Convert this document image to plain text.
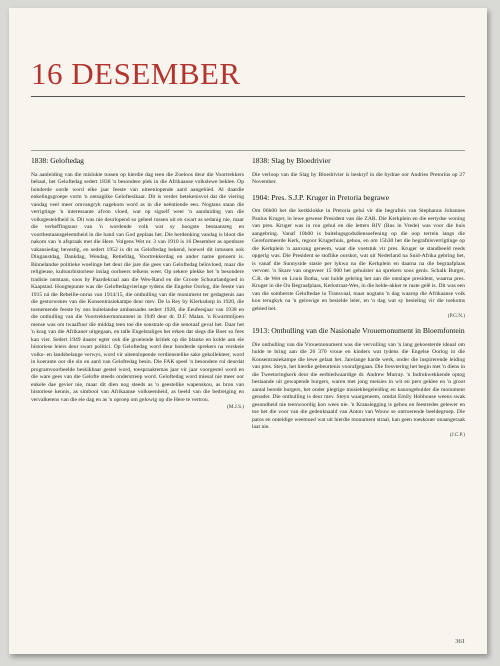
16 DESEMBER
1838: Geloftedag

Na aanleiding van die mislukte tussen op hierdie dag teen die Zoeloos deur die Voortrekkers behaal, het Geloftedag sedert 1838 'n besondere plek in die Afrikaanse volkslewe beklee. Op honderde oorde word elke jaar feeste van uiteenlopende aard aangebied. Al daardie enkelingsgroepe vorm 'n ontsaglike Geloftesikaar. Dit is verder betekenisvol dat die viering vandag veel meer omvangryk nagekom word as in die neëntiende eeu. Nogtans staan die verrigtinge 'n interessante afvon vloed, wat op sigself weer 'n aanduiding van die volksgesteldheid is. Dit was nie deurlopend so geheel tussen uit en swart as sedanig nie, maar die verheffingsuur van 'n wordende volk wat sy hoogste bestaansreg en voortbestaansgeleentheid in die hand van God geplaas het. Die herdenking vandag is bloot die nakom van 'n afspraak met die Here. Volgens Wet nr. 3 van 1910 is 16 Desember as openbare vakansiedag bevestig, en sedert 1952 is dit as Geloftedag bekend, hoewel dit intussen ook Dinganstdag, Dankdag, Wendag, Retiefdag, Voortrekkerdag en ander name genoem is. Binnelandse politieke woelinge het deur die jare die gees van Geloftedag beïnvloed, maar die religieuse, kultuurhistoriese inslag oorheers telkens weer. Op sekere plekke het 'n besondere tradisie ontstaan, soos by Paardekraal aan die Wes-Rand en die Groote Schuurlandgoed in Kaapstad. Hoogtepunte was die Geloftedagvieringe tydens die Engelse Oorlog, die feeste van 1915 ná die Rebellie-onrus van 1914/15, die onthulling van die monument ter gedagtenis aan die gestorwenes van die Konsentrasiekampe deur mev. De la Rey by Klerksdorp in 1920, die toenemende feeste by ons buitelandse ambassades sedert 1928, die Eeufeesjaar van 1938 en die onthulling van die Voortrekkermonument in 1949 deur dr. D.F. Malan. 'n Kwartmiljoen mense was om twaalfuur die middag teen toe die sonstrale op die senotaaf geval het. Daar het 'n krag van die Afrikaner uitgegaan, en talle Engelstaliges het erken dat slegs die Boer so fees kan vier. Sedert 1949 daarer egter ook die groeiende kritiek op die blanke en kulde aan eie historiese leiers deur swart politici. Op Geloftedag word deur honderde sprekers na verskeie volks- en landsbelange verwys, word vir uiteenlopende verdienstelike sake gekollekteer, word in koerante oor die sin en aard van Geloftedag besin. Die FAK speel 'n besondere rol deurdat programvoorbeelde beskikbaar gestel word, toespraaktemas jaar vir jaar voorgestel word en die ware gees van die Gelofte steeds onderstreep word. Geloftedag word miesal nie meer oor enkele dae gevier nie, maar dit dien nog steeds as 'n geestelike wapenskou, as bron van historiese kennis, as simbool van Afrikaanse volkseenheid, as beeld van die bedreiging en vervalketens van die eie dag en as 'n oproep om gelowig op die Here te vertrou.

(M.J.S.)
1838: Slag by Bloedrivier

Die verloop van die Slag by Bloedrivier is beskryf in die bydrae oor Andries Pretorius op 27 November.

1904: Pres. S.J.P. Kruger in Pretoria begrawe

Om 06h00 het die kerkklokke in Pretoria gelui vir die begrafnis van Stephanus Johannes Paulus Kruger, in lewe gewese President van die ZAR. Die Kerkplein en die eertydse woning van pres. Kruger was in rou gehul en die letters RIV (Rus in Vrede) was voor die huis aangebring. Vanaf 10h00 is buitelugsgodsdiensoefening op die oop terrein langs die Gereformeerde Kerk, regoor Krugerhuis, gehou, en om 15h30 het die begrafnisverrigtinge op die Kerkplein 'n aanvang geneem, waar die voetstuk vir pres. Kruger se standbeeld reeds opgerig was. Die President se stoflike oorskot, wat uit Nederland na Suid-Afrika gebring het, is vanaf die Sunnyside stasie per lykwa na die Kerkplein en daarna na die begraafplaas vervoer. 'n Skare van ongeveer 15 000 het gehuister na sprekers soos genls. Schalk Burger, C.R. de Wet en Louis Botha, wat hulde gebring het aan die ontslape president, waarna pres. Kruger in die Ou Begraafplaas, Kerkstraat-Wes, in die helde-akker te ruste gelê is. Dit was een van die somberste Geloftedae in Transvaal, maar nogtans 'n dag waarop die Afrikaanse volk kon terugkyk na 'n gelowige en besielde leier, en 'n dag wat sy besieling vir die toekoms gebied het.

(P.G.N.)
1913: Onthulling van die Nasionale Vrouemonument in Bloemfontein

Die onthulling van die Vrouemonument was die vervulling van 'n lang gekoesterde ideaal om hulde te bring aan die 26 370 vroue en kinders wat tydens die Engelse Oorlog in die Konsentrasiekampe die lewe gelaat het. Jarelange harde werk, onder die inspirerende leiding van pres. Steyn, het hierdie gebeurtenis voorafgegaan. Die fresvtering het begin met 'n diens in die Tweetoringkerk deur die eerbiedwaardige dr. Andrew Murray. 'n Indrukwekkende optog bestaande uit gewapende burgers, waren met jong meisies in wit en pers geklee en 'n groot aantal berede burgers, het onder plegtige musiekbegeleiding en kanongebulder die monument genader. Die onthulling is deur mev. Steyn waargeneem, omdat Emily Hobhouse weens swak gesondheid nie teenwoordig kon wees nie. 'n Kranslegging is gebou en feestredes gelewer en toe het die voor van die gedenknaald van Anton van Wouw se ontroerende beeldegroep. Die patos en onteidige weemoed wat uit hierdie monument straal, kan geen toeskouer onaangeraak laat nie.

(J.C.P.)
361
